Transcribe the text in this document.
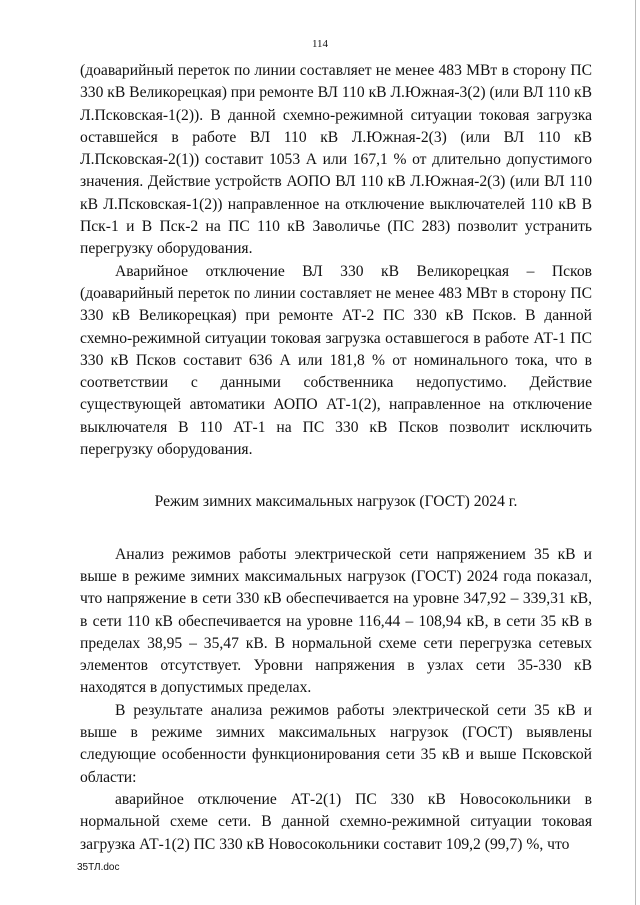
114

(доаварийный переток по линии составляет не менее 483 МВт в сторону ПС 330 кВ Великорецкая) при ремонте ВЛ 110 кВ Л.Южная-3(2) (или ВЛ 110 кВ Л.Псковская-1(2)). В данной схемно-режимной ситуации токовая загрузка оставшейся в работе ВЛ 110 кВ Л.Южная-2(3) (или ВЛ 110 кВ Л.Псковская-2(1)) составит 1053 А или 167,1 % от длительно допустимого значения. Действие устройств АОПО ВЛ 110 кВ Л.Южная-2(3) (или ВЛ 110 кВ Л.Псковская-1(2)) направленное на отключение выключателей 110 кВ В Пск-1 и В Пск-2 на ПС 110 кВ Заволичье (ПС 283) позволит устранить перегрузку оборудования.

Аварийное отключение ВЛ 330 кВ Великорецкая – Псков (доаварийный переток по линии составляет не менее 483 МВт в сторону ПС 330 кВ Великорецкая) при ремонте АТ-2 ПС 330 кВ Псков. В данной схемно-режимной ситуации токовая загрузка оставшегося в работе АТ-1 ПС 330 кВ Псков составит 636 А или 181,8 % от номинального тока, что в соответствии с данными собственника недопустимо. Действие существующей автоматики АОПО АТ-1(2), направленное на отключение выключателя В 110 АТ-1 на ПС 330 кВ Псков позволит исключить перегрузку оборудования.

Режим зимних максимальных нагрузок (ГОСТ) 2024 г.

Анализ режимов работы электрической сети напряжением 35 кВ и выше в режиме зимних максимальных нагрузок (ГОСТ) 2024 года показал, что напряжение в сети 330 кВ обеспечивается на уровне 347,92 – 339,31 кВ, в сети 110 кВ обеспечивается на уровне 116,44 – 108,94 кВ, в сети 35 кВ в пределах 38,95 – 35,47 кВ. В нормальной схеме сети перегрузка сетевых элементов отсутствует. Уровни напряжения в узлах сети 35-330 кВ находятся в допустимых пределах.

В результате анализа режимов работы электрической сети 35 кВ и выше в режиме зимних максимальных нагрузок (ГОСТ) выявлены следующие особенности функционирования сети 35 кВ и выше Псковской области:

аварийное отключение АТ-2(1) ПС 330 кВ Новосокольники в нормальной схеме сети. В данной схемно-режимной ситуации токовая загрузка АТ-1(2) ПС 330 кВ Новосокольники составит 109,2 (99,7) %, что

35ТЛ.doc
